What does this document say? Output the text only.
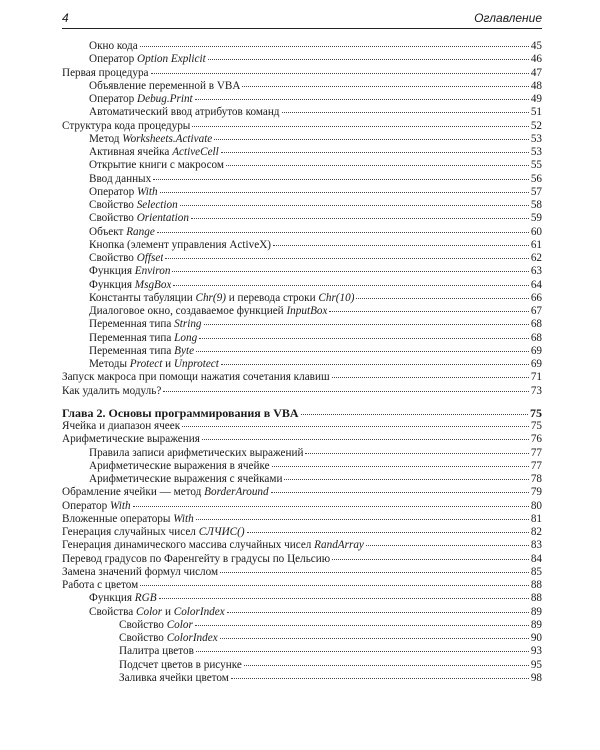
4	Оглавление
Окно кода	45
Оператор Option Explicit	46
Первая процедура	47
Объявление переменной в VBA	48
Оператор Debug.Print	49
Автоматический ввод атрибутов команд	51
Структура кода процедуры	52
Метод Worksheets.Activate	53
Активная ячейка ActiveCell	53
Открытие книги с макросом	55
Ввод данных	56
Оператор With	57
Свойство Selection	58
Свойство Orientation	59
Объект Range	60
Кнопка (элемент управления ActiveX)	61
Свойство Offset	62
Функция Environ	63
Функция MsgBox	64
Константы табуляции Chr(9) и перевода строки Chr(10)	66
Диалоговое окно, создаваемое функцией InputBox	67
Переменная типа String	68
Переменная типа Long	68
Переменная типа Byte	69
Методы Protect и Unprotect	69
Запуск макроса при помощи нажатия сочетания клавиш	71
Как удалить модуль?	73
Глава 2. Основы программирования в VBA	75
Ячейка и диапазон ячеек	75
Арифметические выражения	76
Правила записи арифметических выражений	77
Арифметические выражения в ячейке	77
Арифметические выражения с ячейками	78
Обрамление ячейки — метод BorderAround	79
Оператор With	80
Вложенные операторы With	81
Генерация случайных чисел СЛЧИС()	82
Генерация динамического массива случайных чисел RandArray	83
Перевод градусов по Фаренгейту в градусы по Цельсию	84
Замена значений формул числом	85
Работа с цветом	88
Функция RGB	88
Свойства Color и ColorIndex	89
Свойство Color	89
Свойство ColorIndex	90
Палитра цветов	93
Подсчет цветов в рисунке	95
Заливка ячейки цветом	98
